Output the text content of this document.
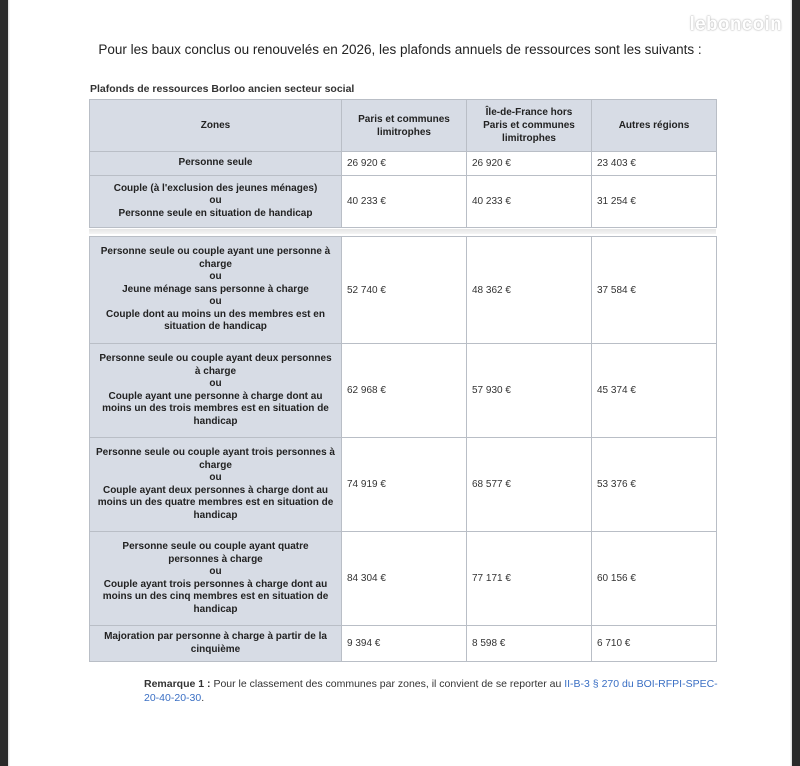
leboncoin
Pour les baux conclus ou renouvelés en 2026, les plafonds annuels de ressources sont les suivants :
Plafonds de ressources Borloo ancien secteur social
Zones	Paris et communes limitrophes	Île-de-France hors Paris et communes limitrophes	Autres régions

Personne seule	26 920 €	26 920 €	23 403 €

Couple (à l'exclusion des jeunes ménages)
ou
Personne seule en situation de handicap	40 233 €	40 233 €	31 254 €
Personne seule ou couple ayant une personne à charge
ou
Jeune ménage sans personne à charge
ou
Couple dont au moins un des membres est en situation de handicap	52 740 €	48 362 €	37 584 €

Personne seule ou couple ayant deux personnes à charge
ou
Couple ayant une personne à charge dont au moins un des trois membres est en situation de handicap	62 968 €	57 930 €	45 374 €

Personne seule ou couple ayant trois personnes à charge
ou
Couple ayant deux personnes à charge dont au moins un des quatre membres est en situation de handicap	74 919 €	68 577 €	53 376 €

Personne seule ou couple ayant quatre personnes à charge
ou
Couple ayant trois personnes à charge dont au moins un des cinq membres est en situation de handicap	84 304 €	77 171 €	60 156 €

Majoration par personne à charge à partir de la cinquième	9 394 €	8 598 €	6 710 €
Remarque 1 : Pour le classement des communes par zones, il convient de se reporter au II-B-3 § 270 du BOI-RFPI-SPEC-20-40-20-30.
